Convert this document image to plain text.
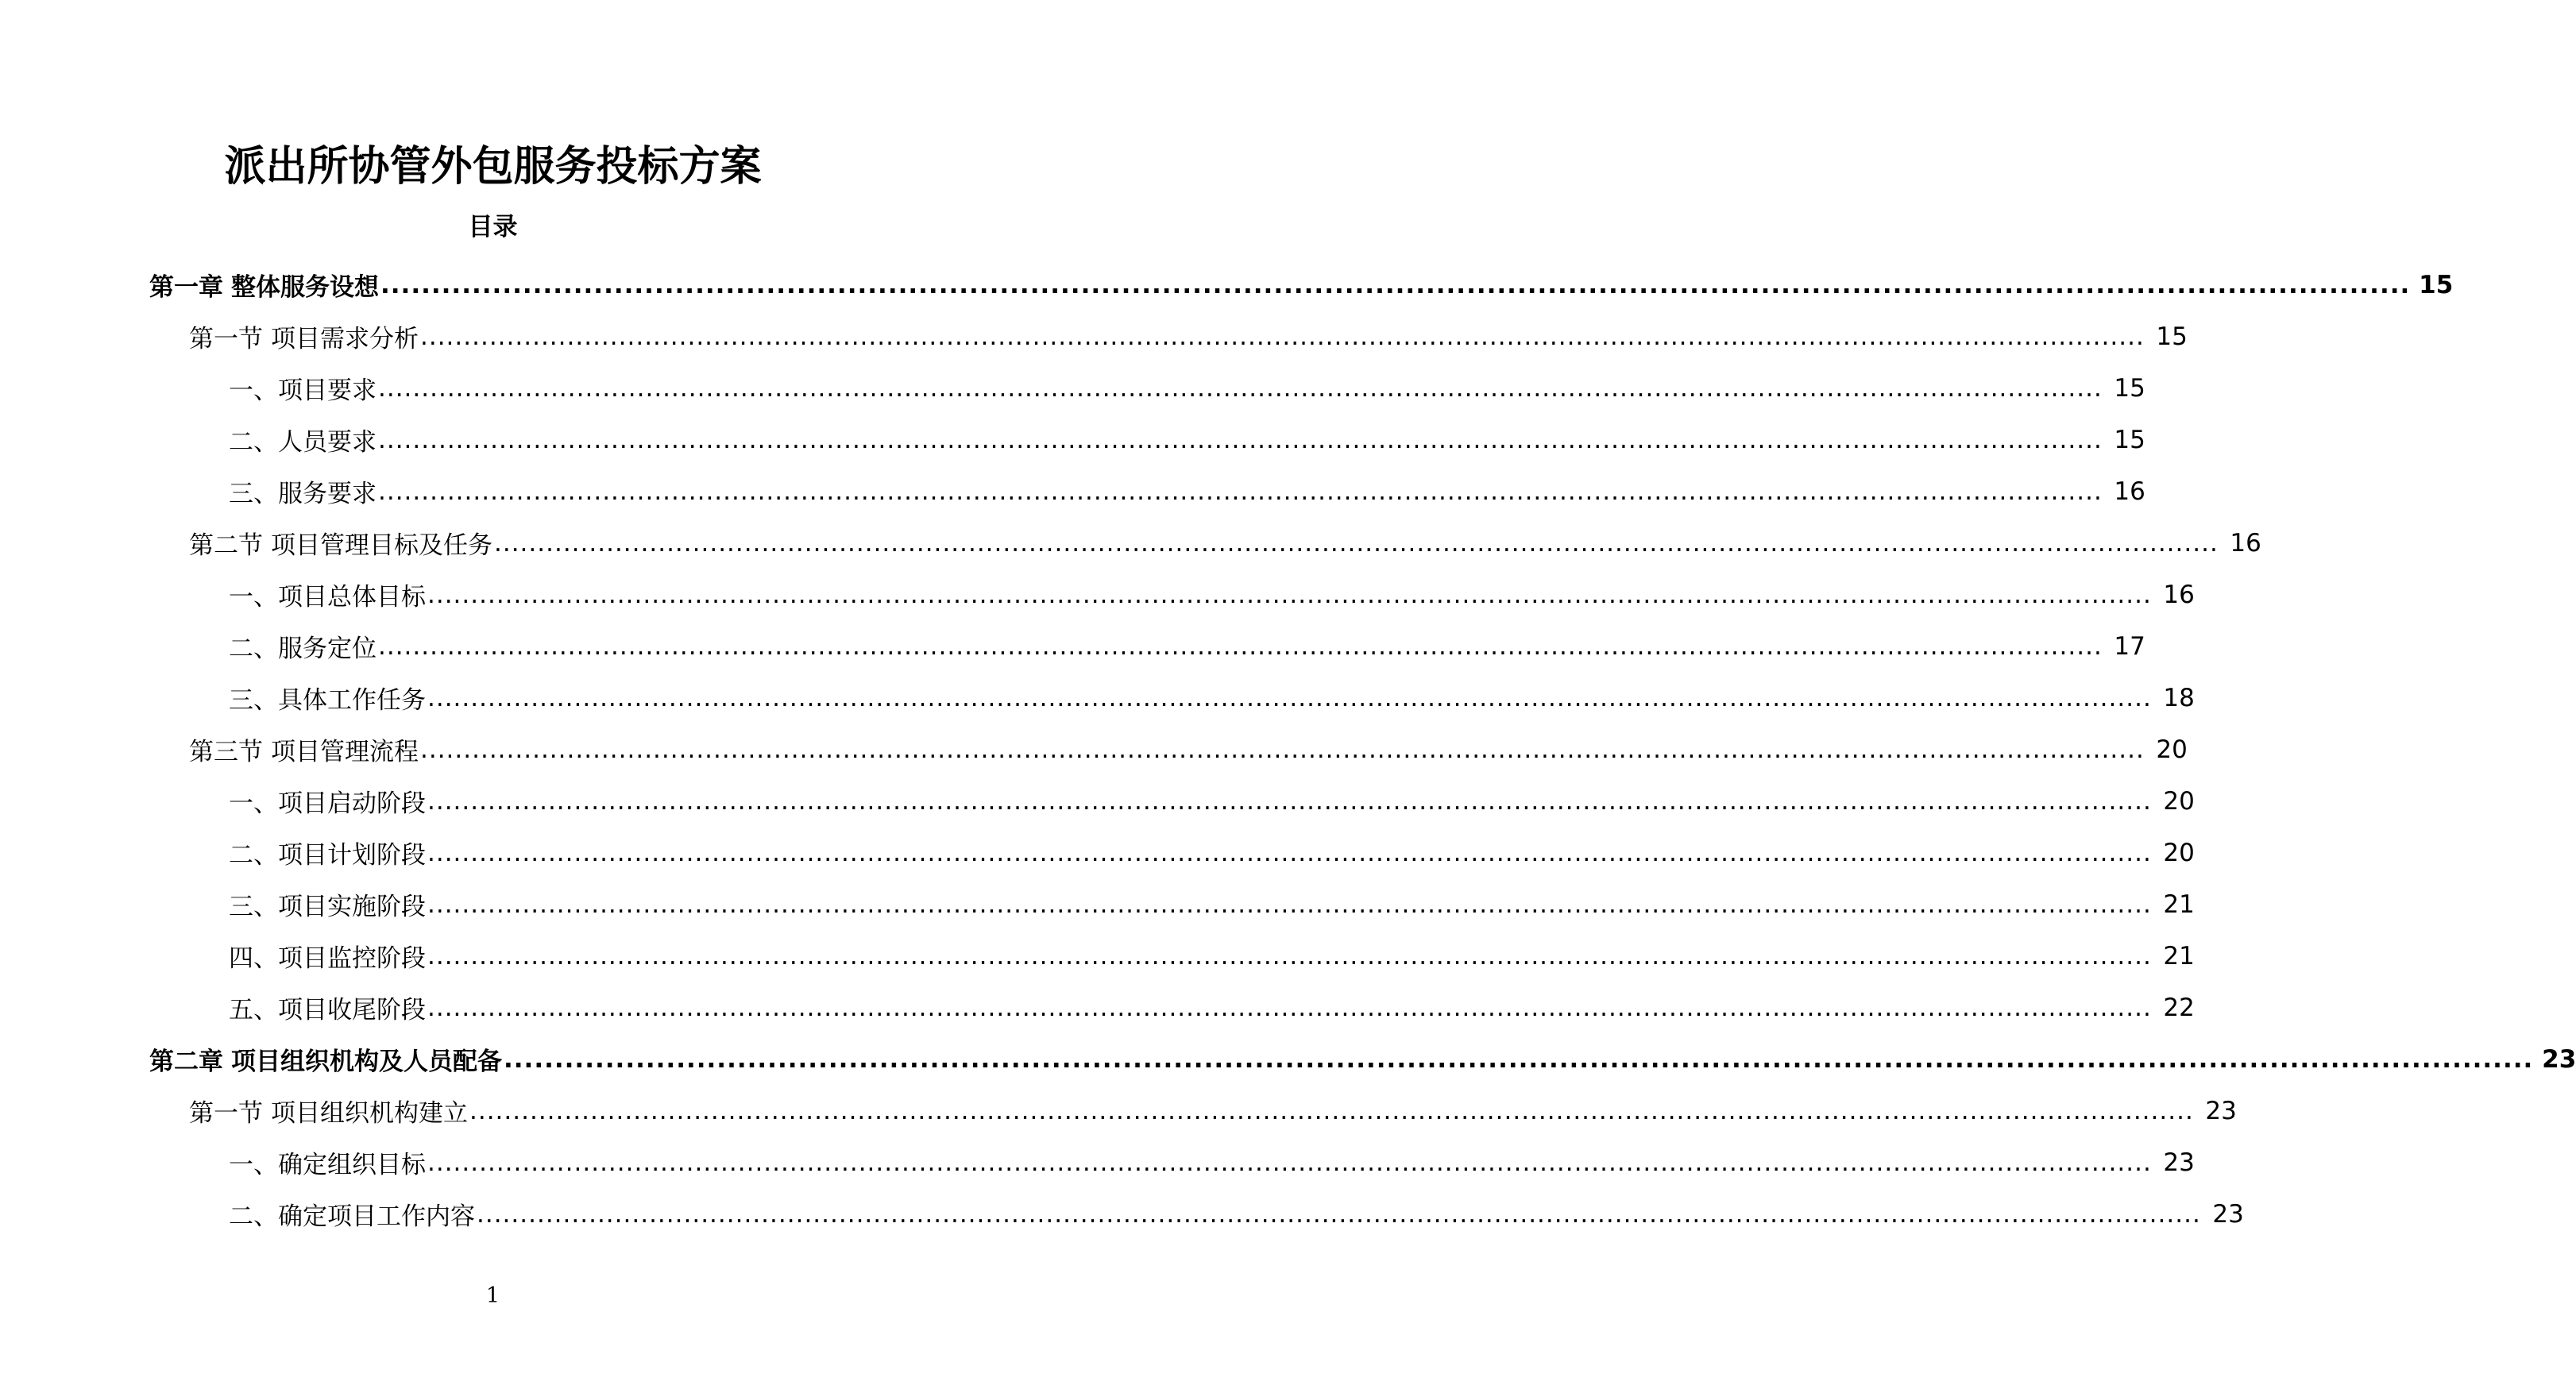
派出所协管外包服务投标方案
目录
第一章 整体服务设想 ........................................................................................................................................................................................................ 15
第一节 项目需求分析 ........................................................................................................................................................................................................ 15
一、 项目要求 ........................................................................................................................................................................................................ 15
二、 人员要求 ........................................................................................................................................................................................................ 15
三、 服务要求 ........................................................................................................................................................................................................ 16
第二节 项目管理目标及任务 ........................................................................................................................................................................................................ 16
一、 项目总体目标 ........................................................................................................................................................................................................ 16
二、 服务定位 ........................................................................................................................................................................................................ 17
三、 具体工作任务 ........................................................................................................................................................................................................ 18
第三节 项目管理流程 ........................................................................................................................................................................................................ 20
一、 项目启动阶段 ........................................................................................................................................................................................................ 20
二、 项目计划阶段 ........................................................................................................................................................................................................ 20
三、 项目实施阶段 ........................................................................................................................................................................................................ 21
四、 项目监控阶段 ........................................................................................................................................................................................................ 21
五、 项目收尾阶段 ........................................................................................................................................................................................................ 22
第二章 项目组织机构及人员配备 ........................................................................................................................................................................................................ 23
第一节 项目组织机构建立 ........................................................................................................................................................................................................ 23
一、 确定组织目标 ........................................................................................................................................................................................................ 23
二、 确定项目工作内容 ........................................................................................................................................................................................................ 23
1
